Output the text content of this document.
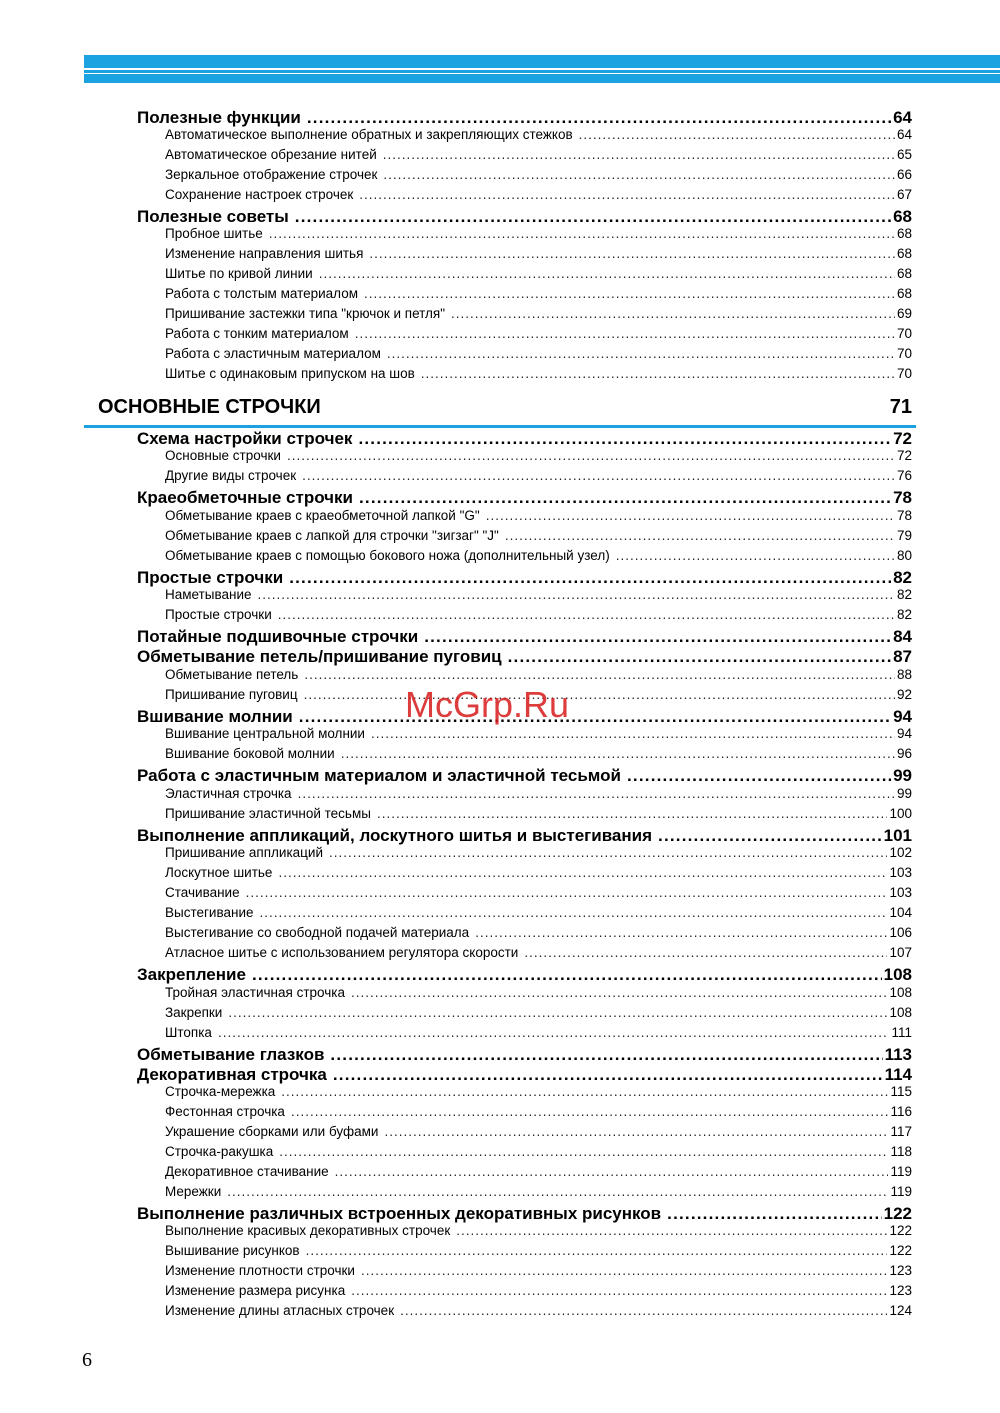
Полезные функции .....	64
Автоматическое выполнение обратных и закрепляющих стежков .....	64
Автоматическое обрезание нитей .....	65
Зеркальное отображение строчек .....	66
Сохранение настроек строчек .....	67
Полезные советы .....	68
Пробное шитье .....	68
Изменение направления шитья .....	68
Шитье по кривой линии .....	68
Работа с толстым материалом .....	68
Пришивание застежки типа "крючок и петля" .....	69
Работа с тонким материалом .....	70
Работа с эластичным материалом .....	70
Шитье с одинаковым припуском на шов .....	70
ОСНОВНЫЕ СТРОЧКИ	71
Схема настройки строчек .....	72
Основные строчки .....	72
Другие виды строчек .....	76
Краеобметочные строчки .....	78
Обметывание краев с краеобметочной лапкой "G" .....	78
Обметывание краев с лапкой для строчки "зигзаг" "J" .....	79
Обметывание краев с помощью бокового ножа (дополнительный узел) .....	80
Простые строчки .....	82
Наметывание .....	82
Простые строчки .....	82
Потайные подшивочные строчки .....	84
Обметывание петель/пришивание пуговиц .....	87
Обметывание петель .....	88
Пришивание пуговиц .....	92
Вшивание молнии .....	94
Вшивание центральной молнии .....	94
Вшивание боковой молнии .....	96
Работа с эластичным материалом и эластичной тесьмой .....	99
Эластичная строчка .....	99
Пришивание эластичной тесьмы .....	100
Выполнение аппликаций, лоскутного шитья и выстегивания .....	101
Пришивание аппликаций .....	102
Лоскутное шитье .....	103
Стачивание .....	103
Выстегивание .....	104
Выстегивание со свободной подачей материала .....	106
Атласное шитье с использованием регулятора скорости .....	107
Закрепление .....	108
Тройная эластичная строчка .....	108
Закрепки .....	108
Штопка .....	111
Обметывание глазков .....	113
Декоративная строчка .....	114
Строчка-мережка .....	115
Фестонная строчка .....	116
Украшение сборками или буфами .....	117
Строчка-ракушка .....	118
Декоративное стачивание .....	119
Мережки .....	119
Выполнение различных встроенных декоративных рисунков .....	122
Выполнение красивых декоративных строчек .....	122
Вышивание рисунков .....	122
Изменение плотности строчки .....	123
Изменение размера рисунка .....	123
Изменение длины атласных строчек .....	124
McGrp.Ru
6
